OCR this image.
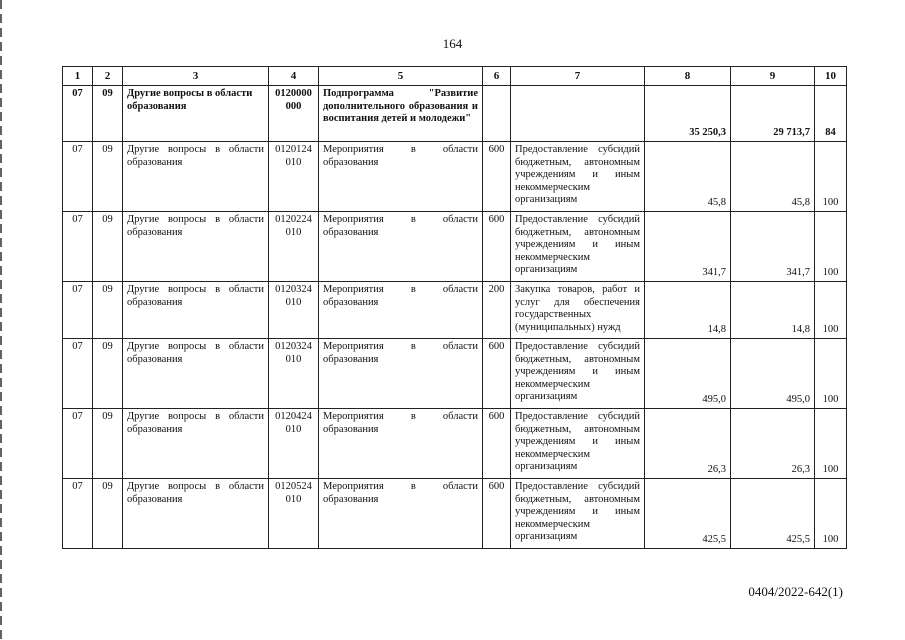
164
1	2	3	4	5	6	7	8	9	10
07	09	Другие вопросы в области образования	0120000000	Подпрограмма "Развитие дополнительного образования и воспитания детей и молодежи"			35 250,3	29 713,7	84
07	09	Другие вопросы в области образования	0120124010	Мероприятия в области образования	600	Предоставление субсидий бюджетным, автономным учреждениям и иным некоммерческим организациям	45,8	45,8	100
07	09	Другие вопросы в области образования	0120224010	Мероприятия в области образования	600	Предоставление субсидий бюджетным, автономным учреждениям и иным некоммерческим организациям	341,7	341,7	100
07	09	Другие вопросы в области образования	0120324010	Мероприятия в области образования	200	Закупка товаров, работ и услуг для обеспечения государственных (муниципальных) нужд	14,8	14,8	100
07	09	Другие вопросы в области образования	0120324010	Мероприятия в области образования	600	Предоставление субсидий бюджетным, автономным учреждениям и иным некоммерческим организациям	495,0	495,0	100
07	09	Другие вопросы в области образования	0120424010	Мероприятия в области образования	600	Предоставление субсидий бюджетным, автономным учреждениям и иным некоммерческим организациям	26,3	26,3	100
07	09	Другие вопросы в области образования	0120524010	Мероприятия в области образования	600	Предоставление субсидий бюджетным, автономным учреждениям и иным некоммерческим организациям	425,5	425,5	100
0404/2022-642(1)
